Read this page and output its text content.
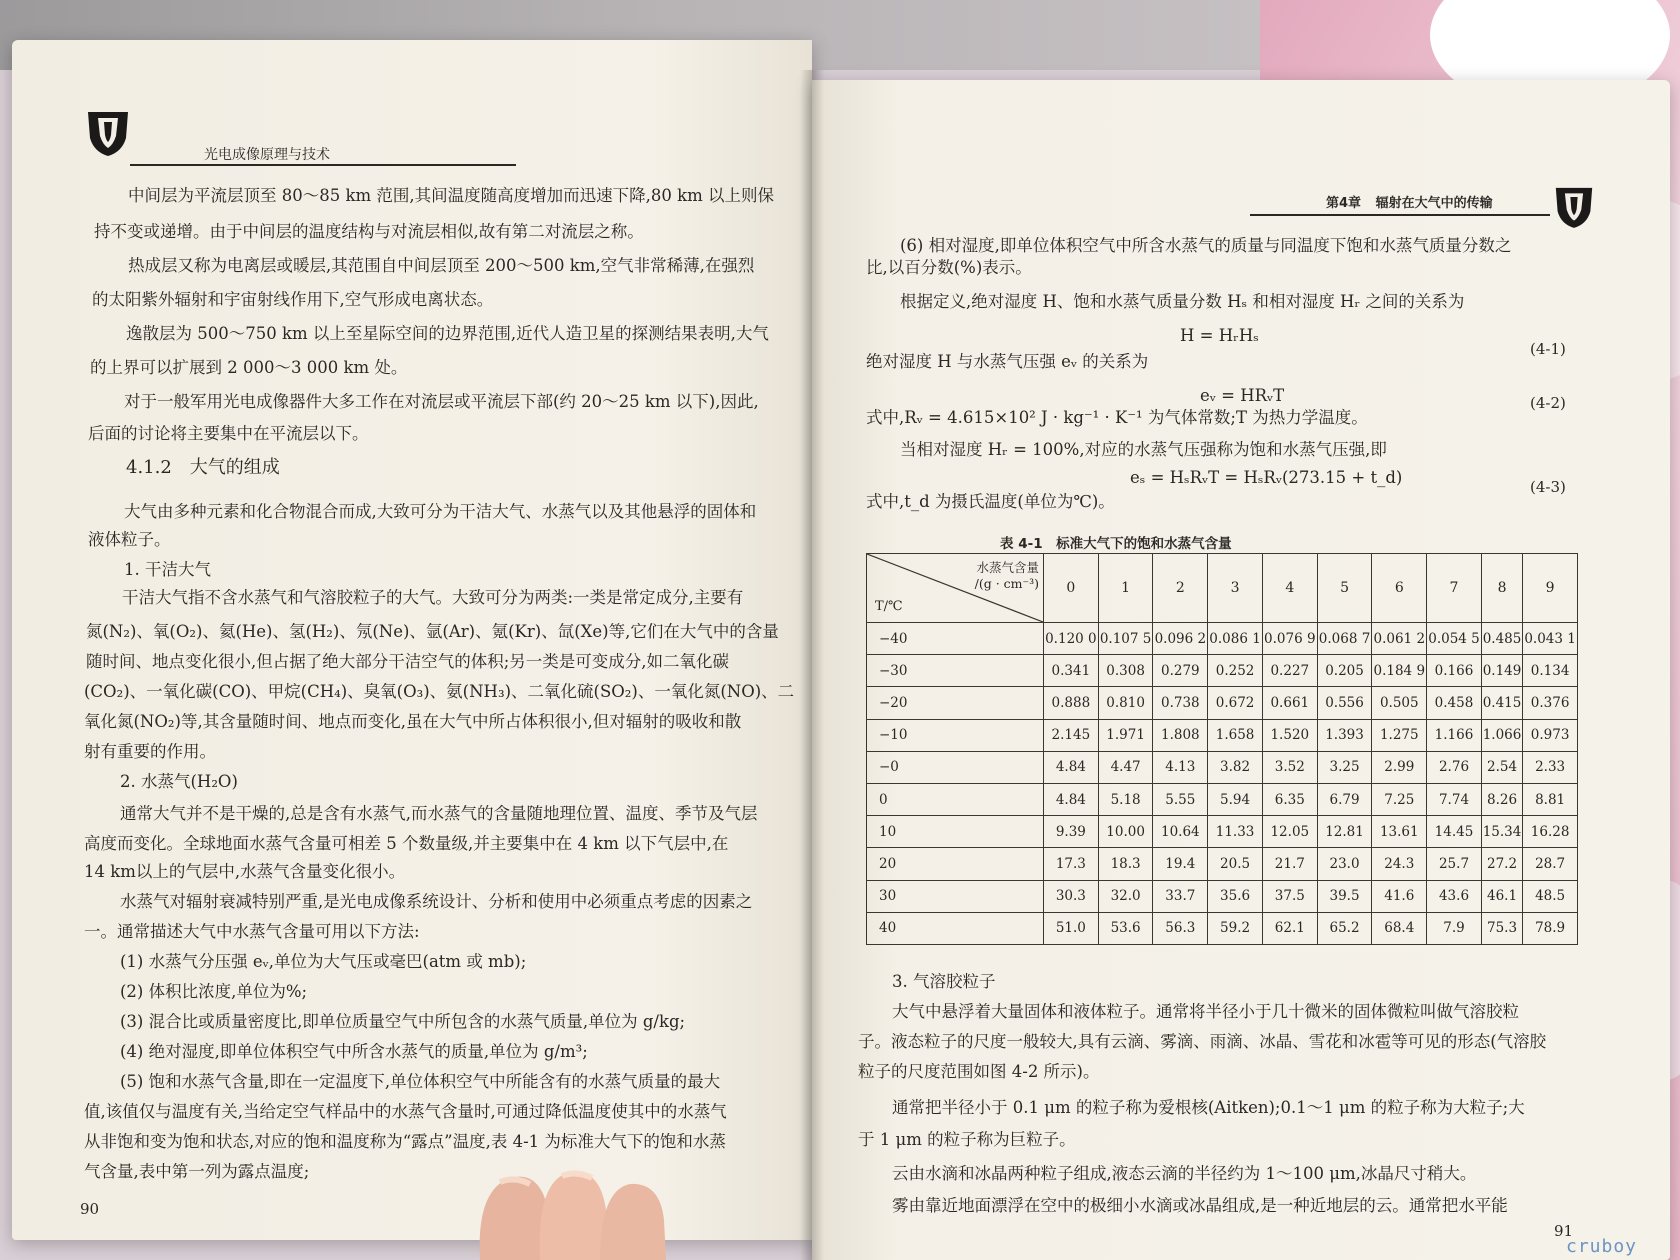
光电成像原理与技术
第4章 辐射在大气中的传输
中间层为平流层顶至 80～85 km 范围,其间温度随高度增加而迅速下降,80 km 以上则保
持不变或递增。由于中间层的温度结构与对流层相似,故有第二对流层之称。
热成层又称为电离层或暖层,其范围自中间层顶至 200～500 km,空气非常稀薄,在强烈
的太阳紫外辐射和宇宙射线作用下,空气形成电离状态。
逸散层为 500～750 km 以上至星际空间的边界范围,近代人造卫星的探测结果表明,大气
的上界可以扩展到 2 000～3 000 km 处。
对于一般军用光电成像器件大多工作在对流层或平流层下部(约 20～25 km 以下),因此,
后面的讨论将主要集中在平流层以下。
4.1.2　大气的组成
大气由多种元素和化合物混合而成,大致可分为干洁大气、水蒸气以及其他悬浮的固体和
液体粒子。
1. 干洁大气
干洁大气指不含水蒸气和气溶胶粒子的大气。大致可分为两类:一类是常定成分,主要有
氮(N₂)、氧(O₂)、氦(He)、氢(H₂)、氖(Ne)、氩(Ar)、氪(Kr)、氙(Xe)等,它们在大气中的含量
随时间、地点变化很小,但占据了绝大部分干洁空气的体积;另一类是可变成分,如二氧化碳
(CO₂)、一氧化碳(CO)、甲烷(CH₄)、臭氧(O₃)、氨(NH₃)、二氧化硫(SO₂)、一氧化氮(NO)、二
氧化氮(NO₂)等,其含量随时间、地点而变化,虽在大气中所占体积很小,但对辐射的吸收和散
射有重要的作用。
2. 水蒸气(H₂O)
通常大气并不是干燥的,总是含有水蒸气,而水蒸气的含量随地理位置、温度、季节及气层
高度而变化。全球地面水蒸气含量可相差 5 个数量级,并主要集中在 4 km 以下气层中,在
14 km以上的气层中,水蒸气含量变化很小。
水蒸气对辐射衰减特别严重,是光电成像系统设计、分析和使用中必须重点考虑的因素之
一。通常描述大气中水蒸气含量可用以下方法:
(1) 水蒸气分压强 eᵥ,单位为大气压或毫巴(atm 或 mb);
(2) 体积比浓度,单位为%;
(3) 混合比或质量密度比,即单位质量空气中所包含的水蒸气质量,单位为 g/kg;
(4) 绝对湿度,即单位体积空气中所含水蒸气的质量,单位为 g/m³;
(5) 饱和水蒸气含量,即在一定温度下,单位体积空气中所能含有的水蒸气质量的最大
值,该值仅与温度有关,当给定空气样品中的水蒸气含量时,可通过降低温度使其中的水蒸气
从非饱和变为饱和状态,对应的饱和温度称为“露点”温度,表 4-1 为标准大气下的饱和水蒸
气含量,表中第一列为露点温度;
90
(6) 相对湿度,即单位体积空气中所含水蒸气的质量与同温度下饱和水蒸气质量分数之
比,以百分数(%)表示。
根据定义,绝对湿度 H、饱和水蒸气质量分数 Hₛ 和相对湿度 Hᵣ 之间的关系为
H = HᵣHₛ
(4-1)
绝对湿度 H 与水蒸气压强 eᵥ 的关系为
eᵥ = HRᵥT	(4-2)
式中,Rᵥ = 4.615×10² J · kg⁻¹ · K⁻¹ 为气体常数;T 为热力学温度。
当相对湿度 Hᵣ = 100%,对应的水蒸气压强称为饱和水蒸气压强,即
eₛ = HₛRᵥT = HₛRᵥ(273.15 + t_d)	(4-3)
式中,t_d 为摄氏温度(单位为℃)。
表 4-1　标准大气下的饱和水蒸气含量
水蒸气含量
/(g · cm⁻³)
T/℃	0	1	2	3	4	5	6	7	8	9
−40	0.120 0	0.107 5	0.096 2	0.086 1	0.076 9	0.068 7	0.061 2	0.054 5	0.485	0.043 1
−30	0.341	0.308	0.279	0.252	0.227	0.205	0.184 9	0.166	0.149	0.134
−20	0.888	0.810	0.738	0.672	0.661	0.556	0.505	0.458	0.415	0.376
−10	2.145	1.971	1.808	1.658	1.520	1.393	1.275	1.166	1.066	0.973
−0	4.84	4.47	4.13	3.82	3.52	3.25	2.99	2.76	2.54	2.33
0	4.84	5.18	5.55	5.94	6.35	6.79	7.25	7.74	8.26	8.81
10	9.39	10.00	10.64	11.33	12.05	12.81	13.61	14.45	15.34	16.28
20	17.3	18.3	19.4	20.5	21.7	23.0	24.3	25.7	27.2	28.7
30	30.3	32.0	33.7	35.6	37.5	39.5	41.6	43.6	46.1	48.5
40	51.0	53.6	56.3	59.2	62.1	65.2	68.4	7.9	75.3	78.9
3. 气溶胶粒子
大气中悬浮着大量固体和液体粒子。通常将半径小于几十微米的固体微粒叫做气溶胶粒
子。液态粒子的尺度一般较大,具有云滴、雾滴、雨滴、冰晶、雪花和冰雹等可见的形态(气溶胶
粒子的尺度范围如图 4-2 所示)。
通常把半径小于 0.1 μm 的粒子称为爱根核(Aitken);0.1～1 μm 的粒子称为大粒子;大
于 1 μm 的粒子称为巨粒子。
云由水滴和冰晶两种粒子组成,液态云滴的半径约为 1～100 μm,冰晶尺寸稍大。
雾由靠近地面漂浮在空中的极细小水滴或冰晶组成,是一种近地层的云。通常把水平能
91
cruboy
